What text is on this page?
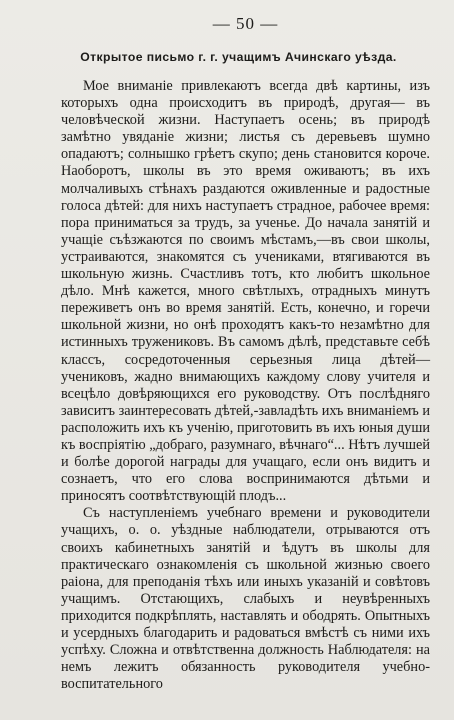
— 50 —
Открытое письмо г. г. учащимъ Ачинскаго уѣзда.

Мое вниманіе привлекаютъ всегда двѣ картины, изъ которыхъ одна происходитъ въ природѣ, другая— въ человѣческой жизни. Наступаетъ осень; въ природѣ замѣтно увяданіе жизни; листья съ деревьевъ шумно опадаютъ; солнышко грѣетъ скупо; день становится короче. Наоборотъ, школы въ это время оживаютъ; въ ихъ молчаливыхъ стѣнахъ раздаются оживленные и радостные голоса дѣтей: для нихъ наступаетъ страдное, рабочее время: пора приниматься за трудъ, за ученье. До начала занятій и учащіе съѣзжаются по своимъ мѣстамъ,—въ свои школы, устраиваются, знакомятся съ учениками, втягиваются въ школьную жизнь. Счастливъ тотъ, кто любитъ школьное дѣло. Мнѣ кажется, много свѣтлыхъ, отрадныхъ минутъ переживетъ онъ во время занятій. Есть, конечно, и горечи школьной жизни, но онѣ проходятъ какъ-то незамѣтно для истинныхъ тружениковъ. Въ самомъ дѣлѣ, представьте себѣ классъ, сосредоточенныя серьезныя лица дѣтей—учениковъ, жадно внимающихъ каждому слову учителя и всецѣло довѣряющихся его руководству. Отъ послѣдняго зависитъ заинтересовать дѣтей,-завладѣть ихъ вниманіемъ и расположить ихъ къ ученію, приготовить въ ихъ юныя души къ воспріятію „добраго, разумнаго, вѣчнаго“... Нѣтъ лучшей и болѣе дорогой награды для учащаго, если онъ видитъ и сознаетъ, что его слова воспринимаются дѣтьми и приносятъ соотвѣтствующій плодъ...

Съ наступленіемъ учебнаго времени и руководители учащихъ, о. о. уѣздные наблюдатели, отрываются отъ своихъ кабинетныхъ занятій и ѣдутъ въ школы для практическаго ознакомленія съ школьной жизнью своего раіона, для преподанія тѣхъ или иныхъ указаній и совѣтовъ учащимъ. Отстающихъ, слабыхъ и неувѣренныхъ приходится подкрѣплять, наставлять и ободрять. Опытныхъ и усердныхъ благодарить и радоваться вмѣстѣ съ ними ихъ успѣху. Сложна и отвѣтственна должность Наблюдателя: на немъ лежитъ обязанность руководителя учебно-воспитательного
